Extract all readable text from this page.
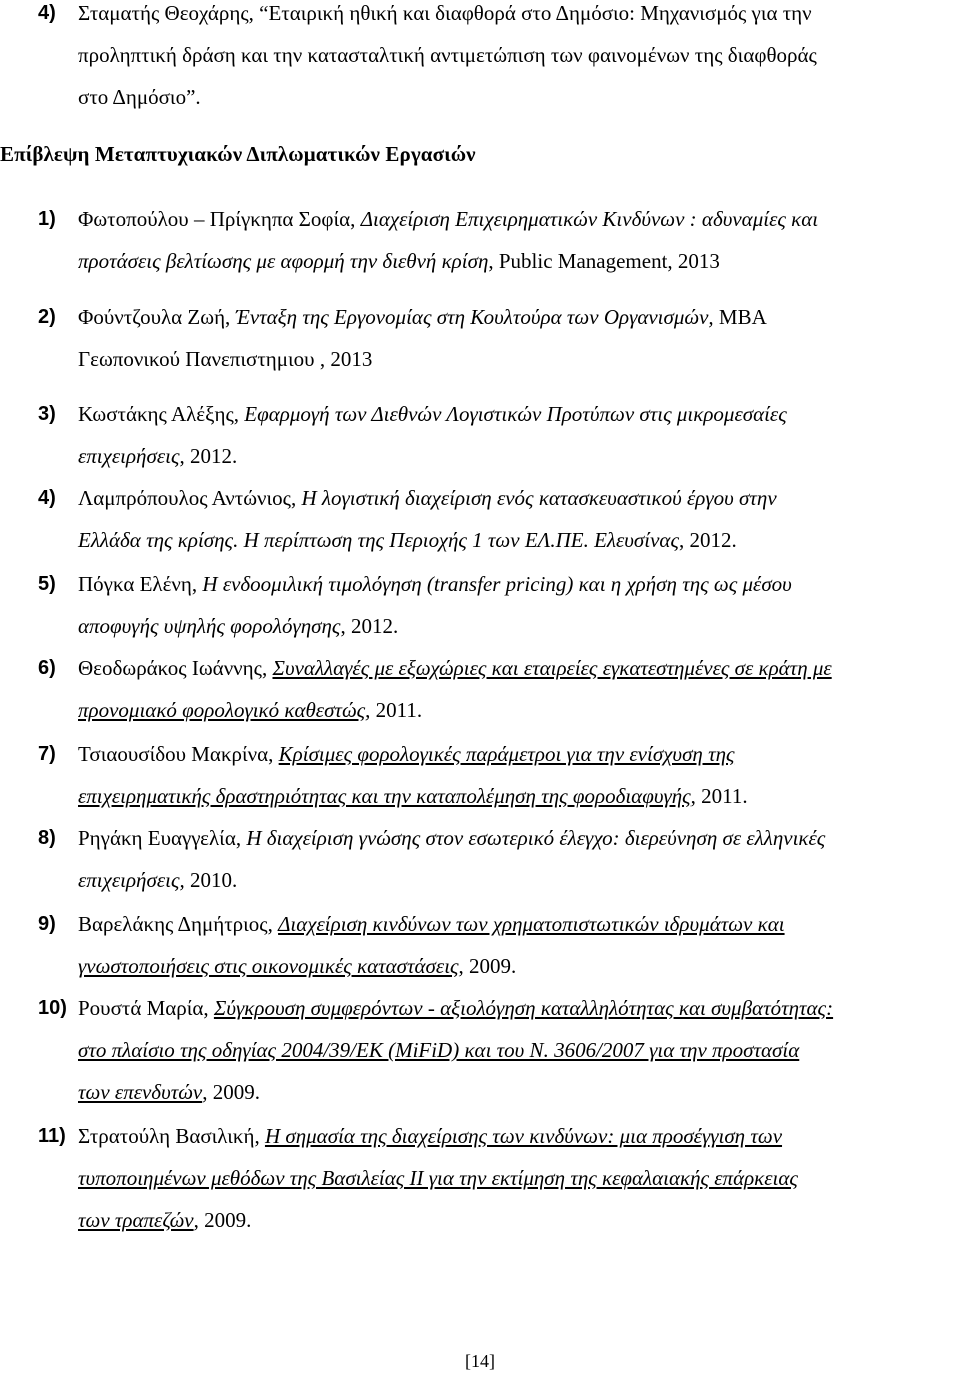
4)	Σταματής Θεοχάρης, “Εταιρική ηθική και διαφθορά στο Δημόσιο: Μηχανισμός για την
προληπτική δράση και την κατασταλτική αντιμετώπιση των φαινομένων της διαφθοράς
στο Δημόσιο”.
Επίβλεψη Μεταπτυχιακών Διπλωματικών Εργασιών
1)	Φωτοπούλου – Πρίγκηπα Σοφία, Διαχείριση Επιχειρηματικών Κινδύνων : αδυναμίες και
προτάσεις βελτίωσης με αφορμή την διεθνή κρίση, Public Management, 2013
2)	Φούντζουλα Ζωή, Ένταξη της Εργονομίας στη Κουλτούρα των Οργανισμών, ΜΒΑ
Γεωπονικού Πανεπιστημιου , 2013
3)	Κωστάκης Αλέξης, Εφαρμογή των Διεθνών Λογιστικών Προτύπων στις μικρομεσαίες
επιχειρήσεις, 2012.
4)	Λαμπρόπουλος Αντώνιος, Η λογιστική διαχείριση ενός κατασκευαστικού έργου στην
Ελλάδα της κρίσης. Η περίπτωση της Περιοχής 1 των ΕΛ.ΠΕ. Ελευσίνας, 2012.
5)	Πόγκα Ελένη, Η ενδοομιλική τιμολόγηση (transfer pricing) και η χρήση της ως μέσου
αποφυγής υψηλής φορολόγησης, 2012.
6)	Θεοδωράκος Ιωάννης, Συναλλαγές με εξωχώριες και εταιρείες εγκατεστημένες σε κράτη με
προνομιακό φορολογικό καθεστώς, 2011.
7)	Τσιαουσίδου Μακρίνα, Κρίσιμες φορολογικές παράμετροι για την ενίσχυση της
επιχειρηματικής δραστηριότητας και την καταπολέμηση της φοροδιαφυγής, 2011.
8)	Ρηγάκη Ευαγγελία, Η διαχείριση γνώσης στον εσωτερικό έλεγχο: διερεύνηση σε ελληνικές
επιχειρήσεις, 2010.
9)	Βαρελάκης Δημήτριος, Διαχείριση κινδύνων των χρηματοπιστωτικών ιδρυμάτων και
γνωστοποιήσεις στις οικονομικές καταστάσεις, 2009.
10) Ρουστά Μαρία, Σύγκρουση συμφερόντων - αξιολόγηση καταλληλότητας και συμβατότητας:
στο πλαίσιο της οδηγίας 2004/39/ΕΚ (MiFiD) και του Ν. 3606/2007 για την προστασία
των επενδυτών, 2009.
11) Στρατούλη Βασιλική, Η σημασία της διαχείρισης των κινδύνων: μια προσέγγιση των
τυποποιημένων μεθόδων της Βασιλείας ΙΙ για την εκτίμηση της κεφαλαιακής επάρκειας
των τραπεζών, 2009.
[14]
